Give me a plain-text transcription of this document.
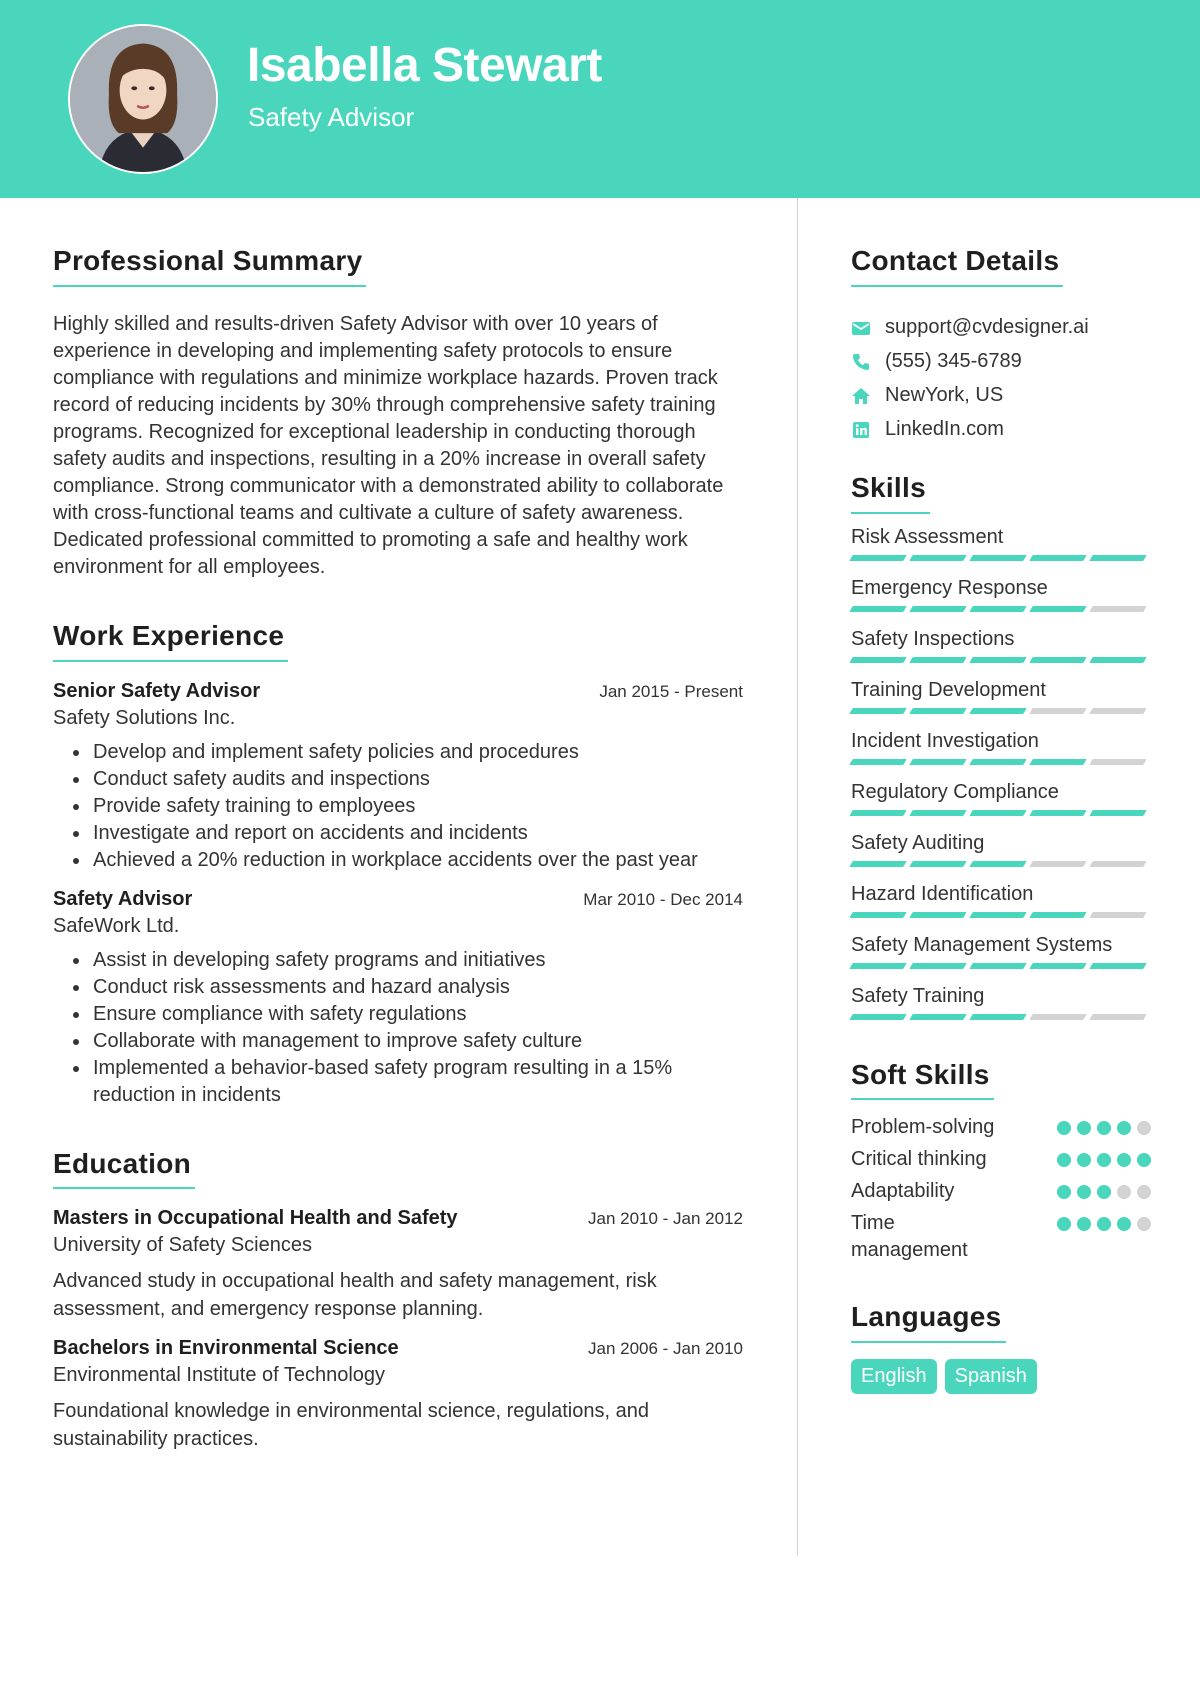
Isabella Stewart
Safety Advisor
Professional Summary

Highly skilled and results-driven Safety Advisor with over 10 years of experience in developing and implementing safety protocols to ensure compliance with regulations and minimize workplace hazards. Proven track record of reducing incidents by 30% through comprehensive safety training programs. Recognized for exceptional leadership in conducting thorough safety audits and inspections, resulting in a 20% increase in overall safety compliance. Strong communicator with a demonstrated ability to collaborate with cross-functional teams and cultivate a culture of safety awareness. Dedicated professional committed to promoting a safe and healthy work environment for all employees.

Work Experience
Senior Safety Advisor	Jan 2015 - Present
Safety Solutions Inc.
• Develop and implement safety policies and procedures
• Conduct safety audits and inspections
• Provide safety training to employees
• Investigate and report on accidents and incidents
• Achieved a 20% reduction in workplace accidents over the past year
Safety Advisor	Mar 2010 - Dec 2014
SafeWork Ltd.
• Assist in developing safety programs and initiatives
• Conduct risk assessments and hazard analysis
• Ensure compliance with safety regulations
• Collaborate with management to improve safety culture
• Implemented a behavior-based safety program resulting in a 15% reduction in incidents
Education
Masters in Occupational Health and Safety	Jan 2010 - Jan 2012
University of Safety Sciences

Advanced study in occupational health and safety management, risk assessment, and emergency response planning.

Bachelors in Environmental Science	Jan 2006 - Jan 2010
Environmental Institute of Technology

Foundational knowledge in environmental science, regulations, and sustainability practices.

Contact Details
support@cvdesigner.ai
(555) 345-6789
NewYork, US
LinkedIn.com
Skills
Risk Assessment
Emergency Response
Safety Inspections
Training Development
Incident Investigation
Regulatory Compliance
Safety Auditing
Hazard Identification
Safety Management Systems
Safety Training
Soft Skills
Problem-solving
Critical thinking
Adaptability
Time management
Languages
English	Spanish
